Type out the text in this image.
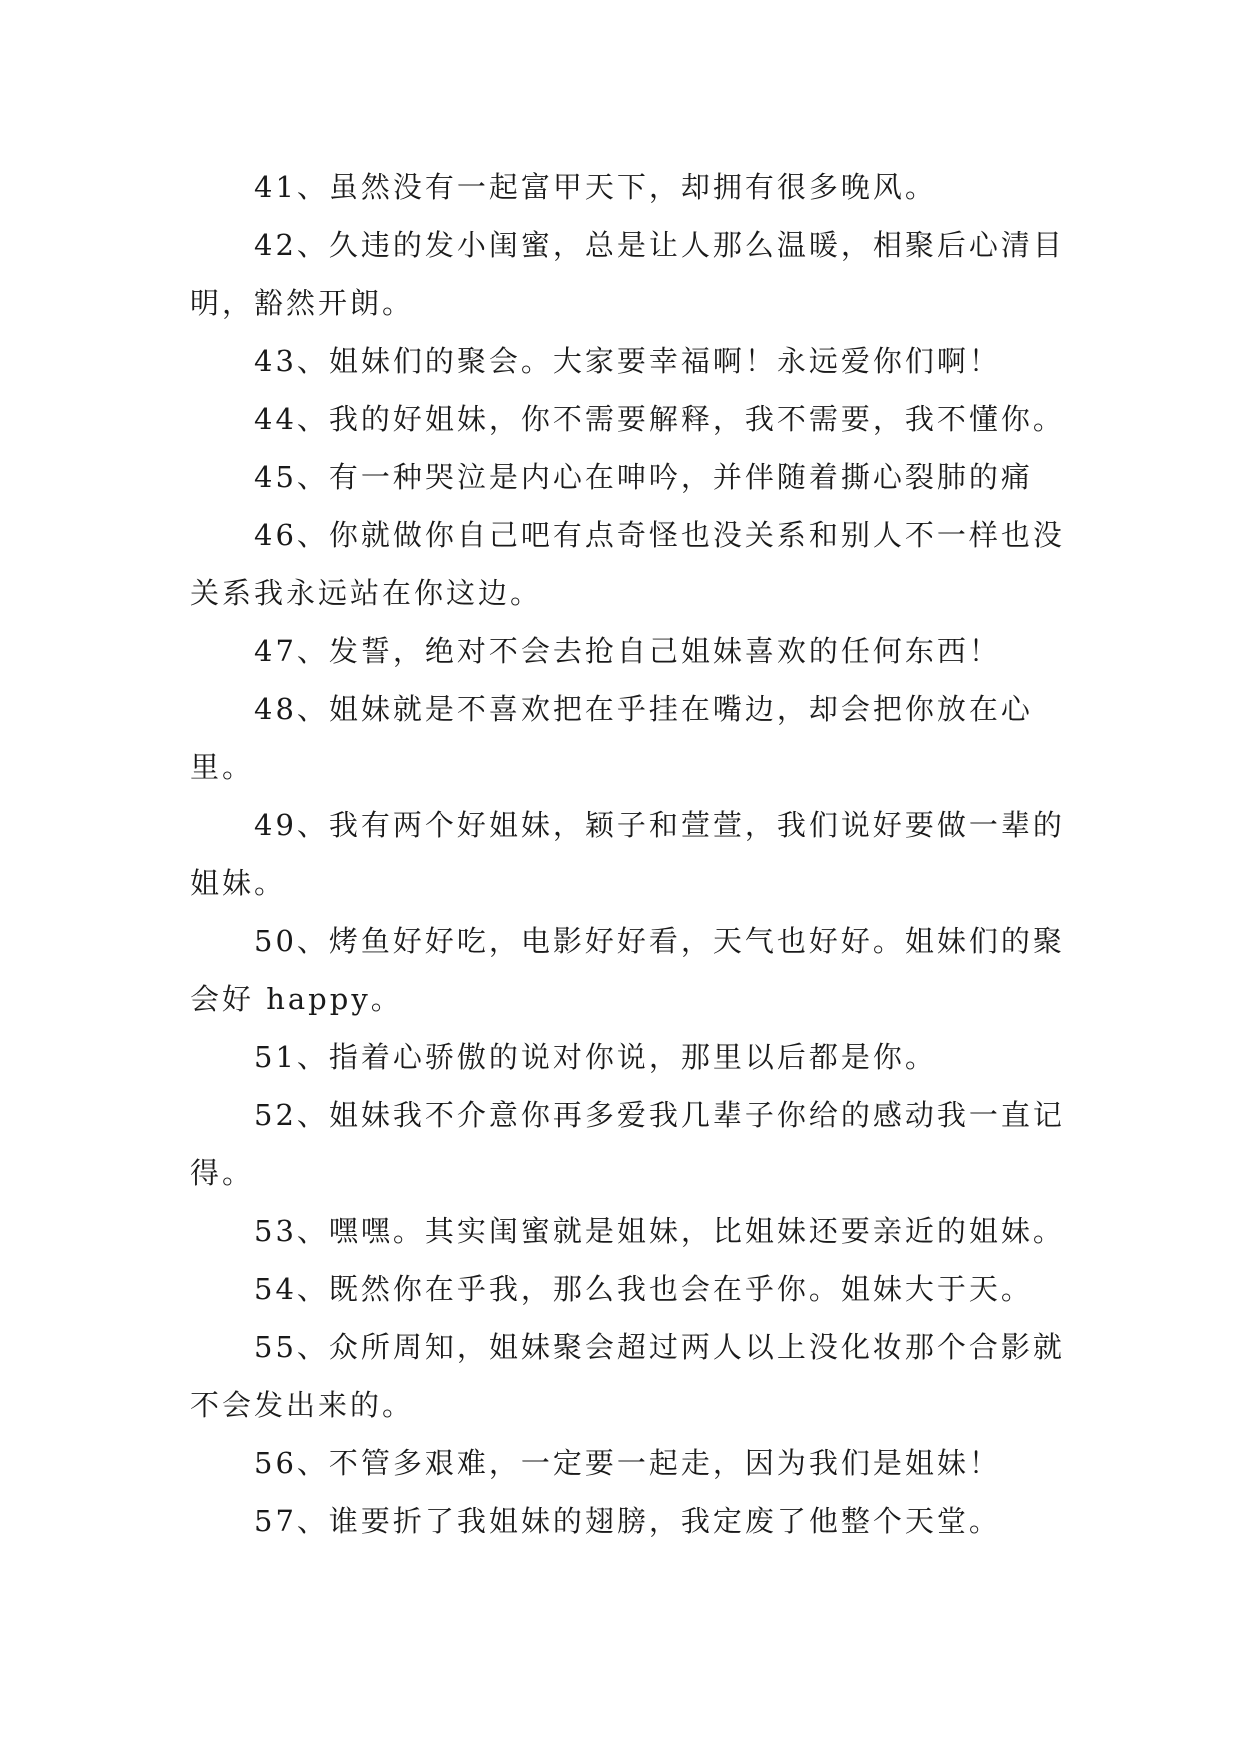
41、虽然没有一起富甲天下，却拥有很多晚风。

42、久违的发小闺蜜，总是让人那么温暖，相聚后心清目明，豁然开朗。

43、姐妹们的聚会。大家要幸福啊！永远爱你们啊！

44、我的好姐妹，你不需要解释，我不需要，我不懂你。

45、有一种哭泣是内心在呻吟，并伴随着撕心裂肺的痛

46、你就做你自己吧有点奇怪也没关系和别人不一样也没关系我永远站在你这边。

47、发誓，绝对不会去抢自己姐妹喜欢的任何东西！

48、姐妹就是不喜欢把在乎挂在嘴边，却会把你放在心里。

49、我有两个好姐妹，颖子和萱萱，我们说好要做一辈的姐妹。

50、烤鱼好好吃，电影好好看，天气也好好。姐妹们的聚会好 happy。

51、指着心骄傲的说对你说，那里以后都是你。

52、姐妹我不介意你再多爱我几辈子你给的感动我一直记得。

53、嘿嘿。其实闺蜜就是姐妹，比姐妹还要亲近的姐妹。

54、既然你在乎我，那么我也会在乎你。姐妹大于天。

55、众所周知，姐妹聚会超过两人以上没化妆那个合影就不会发出来的。

56、不管多艰难，一定要一起走，因为我们是姐妹！

57、谁要折了我姐妹的翅膀，我定废了他整个天堂。
